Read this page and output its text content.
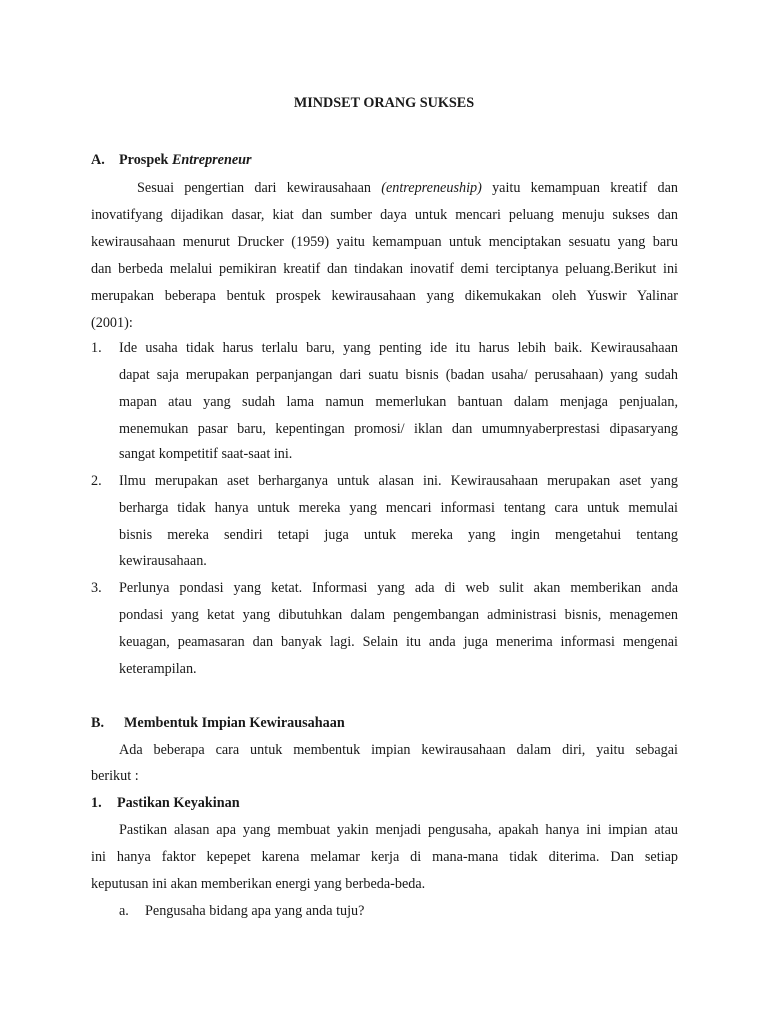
MINDSET ORANG SUKSES
A. Prospek Entrepreneur
Sesuai pengertian dari kewirausahaan (entrepreneuship) yaitu kemampuan kreatif dan
inovatifyang dijadikan dasar, kiat dan sumber daya untuk mencari peluang menuju sukses dan
kewirausahaan menurut Drucker (1959) yaitu kemampuan untuk menciptakan sesuatu yang baru
dan berbeda melalui pemikiran kreatif dan tindakan inovatif demi terciptanya peluang.Berikut ini
merupakan beberapa bentuk prospek kewirausahaan yang dikemukakan oleh Yuswir Yalinar
(2001):
1. Ide usaha tidak harus terlalu baru, yang penting ide itu harus lebih baik. Kewirausahaan
dapat saja merupakan perpanjangan dari suatu bisnis (badan usaha/ perusahaan) yang sudah
mapan atau yang sudah lama namun memerlukan bantuan dalam menjaga penjualan,
menemukan pasar baru, kepentingan promosi/ iklan dan umumnyaberprestasi dipasaryang
sangat kompetitif saat-saat ini.
2. Ilmu merupakan aset berharganya untuk alasan ini. Kewirausahaan merupakan aset yang
berharga tidak hanya untuk mereka yang mencari informasi tentang cara untuk memulai
bisnis mereka sendiri tetapi juga untuk mereka yang ingin mengetahui tentang
kewirausahaan.
3. Perlunya pondasi yang ketat. Informasi yang ada di web sulit akan memberikan anda
pondasi yang ketat yang dibutuhkan dalam pengembangan administrasi bisnis, menagemen
keuagan, peamasaran dan banyak lagi. Selain itu anda juga menerima informasi mengenai
keterampilan.
B. Membentuk Impian Kewirausahaan
Ada beberapa cara untuk membentuk impian kewirausahaan dalam diri, yaitu sebagai
berikut :
1. Pastikan Keyakinan
Pastikan alasan apa yang membuat yakin menjadi pengusaha, apakah hanya ini impian atau
ini hanya faktor kepepet karena melamar kerja di mana-mana tidak diterima. Dan setiap
keputusan ini akan memberikan energi yang berbeda-beda.
a. Pengusaha bidang apa yang anda tuju?
